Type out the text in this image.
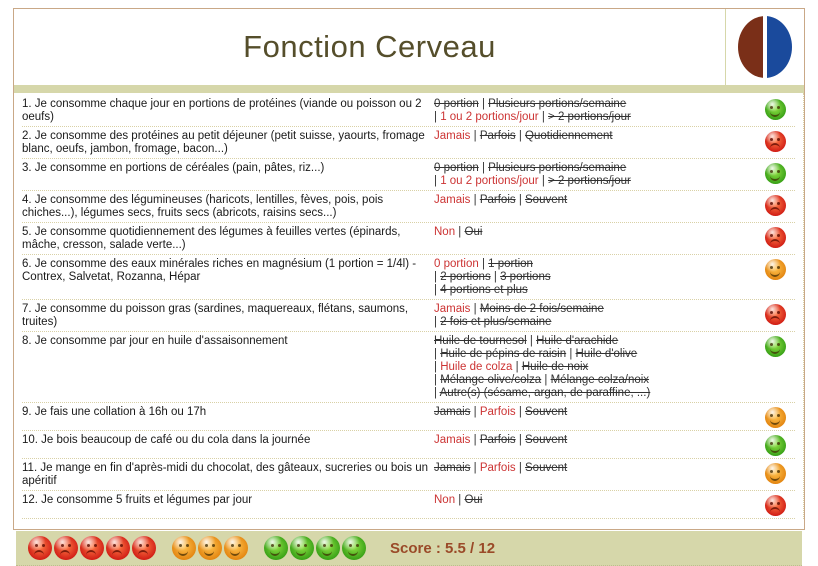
Fonction Cerveau
1. Je consomme chaque jour en portions de protéines (viande ou poisson ou 2 oeufs)
0 portion | Plusieurs portions/semaine
| 1 ou 2 portions/jour | > 2 portions/jour
2. Je consomme des protéines au petit déjeuner (petit suisse, yaourts, fromage blanc, oeufs, jambon, fromage, bacon...)
Jamais | Parfois | Quotidiennement
3. Je consomme en portions de céréales (pain, pâtes, riz...)	0 portion | Plusieurs portions/semaine
| 1 ou 2 portions/jour | > 2 portions/jour
4. Je consomme des légumineuses (haricots, lentilles, fèves, pois, pois chiches...), légumes secs, fruits secs (abricots, raisins secs...)
Jamais | Parfois | Souvent
5. Je consomme quotidiennement des légumes à feuilles vertes (épinards, mâche, cresson, salade verte...)
Non | Oui
6. Je consomme des eaux minérales riches en magnésium (1 portion = 1/4l) - Contrex, Salvetat, Rozanna, Hépar
0 portion | 1 portion
| 2 portions | 3 portions
| 4 portions et plus
7. Je consomme du poisson gras (sardines, maquereaux, flétans, saumons, truites)
Jamais | Moins de 2 fois/semaine
| 2 fois et plus/semaine
8. Je consomme par jour en huile d'assaisonnement	Huile de tournesol | Huile d'arachide
| Huile de pépins de raisin | Huile d'olive
| Huile de colza | Huile de noix
| Mélange olive/colza | Mélange colza/noix
| Autre(s) (sésame, argan, de paraffine, ...)
9. Je fais une collation à 16h ou 17h	Jamais | Parfois | Souvent
10. Je bois beaucoup de café ou du cola dans la journée	Jamais | Parfois | Souvent
11. Je mange en fin d'après-midi du chocolat, des gâteaux, sucreries ou bois un apéritif
Jamais | Parfois | Souvent
12. Je consomme 5 fruits et légumes par jour	Non | Oui
Score : 5.5 / 12
